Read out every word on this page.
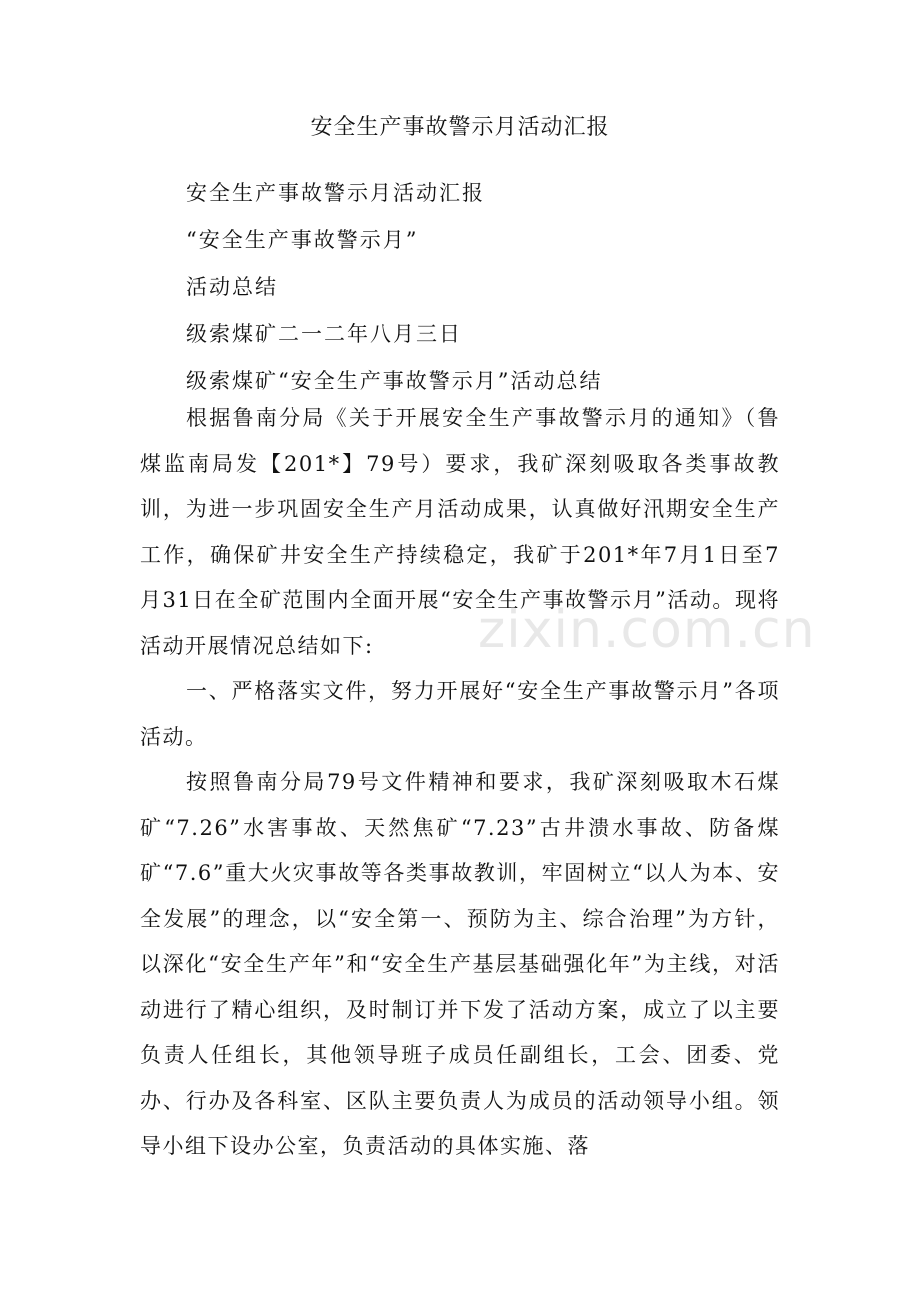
安全生产事故警示月活动汇报
安全生产事故警示月活动汇报
“安全生产事故警示月”
活动总结
级索煤矿二一二年八月三日
级索煤矿“安全生产事故警示月”活动总结

根据鲁南分局《关于开展安全生产事故警示月的通知》（鲁煤监南局发【201*】79号）要求，我矿深刻吸取各类事故教训，为进一步巩固安全生产月活动成果，认真做好汛期安全生产工作，确保矿井安全生产持续稳定，我矿于201*年7月1日至7月31日在全矿范围内全面开展“安全生产事故警示月”活动。现将活动开展情况总结如下:

一、严格落实文件，努力开展好“安全生产事故警示月”各项活动。

按照鲁南分局79号文件精神和要求，我矿深刻吸取木石煤矿“7.26”水害事故、天然焦矿“7.23”古井溃水事故、防备煤矿“7.6”重大火灾事故等各类事故教训，牢固树立“以人为本、安全发展”的理念，以“安全第一、预防为主、综合治理”为方针，以深化“安全生产年”和“安全生产基层基础强化年”为主线，对活动进行了精心组织，及时制订并下发了活动方案，成立了以主要负责人任组长，其他领导班子成员任副组长，工会、团委、党办、行办及各科室、区队主要负责人为成员的活动领导小组。领导小组下设办公室，负责活动的具体实施、落

zixin.com.cn
